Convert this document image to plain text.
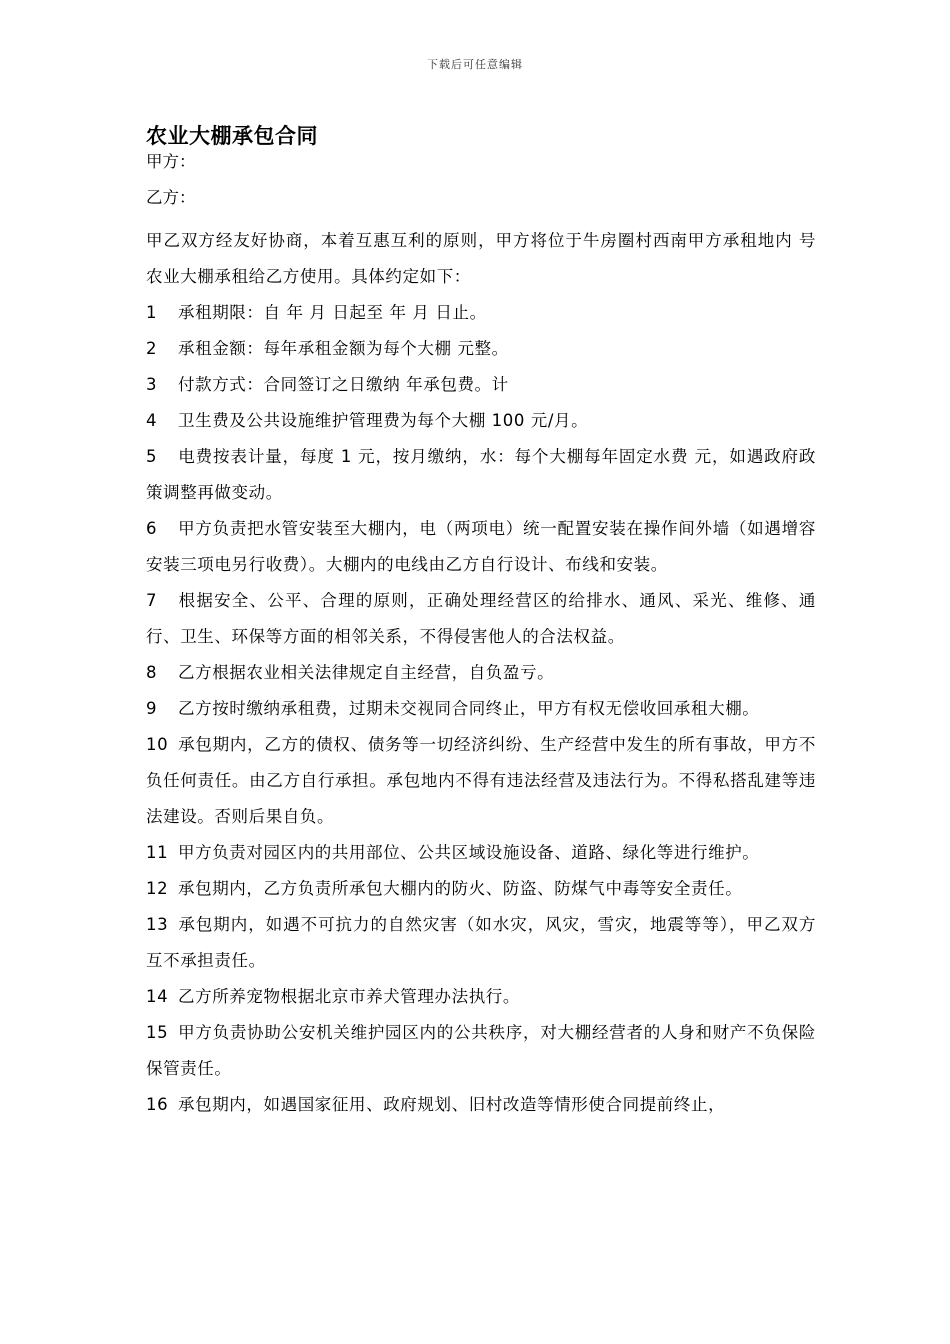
下载后可任意编辑
农业大棚承包合同

甲方：

乙方：

甲乙双方经友好协商，本着互惠互利的原则，甲方将位于牛房圈村西南甲方承租地内 号农业大棚承租给乙方使用。具体约定如下：

1 承租期限：自 年 月 日起至 年 月 日止。

2 承租金额：每年承租金额为每个大棚 元整。

3 付款方式：合同签订之日缴纳 年承包费。计

4 卫生费及公共设施维护管理费为每个大棚 100 元/月。

5 电费按表计量，每度 1 元，按月缴纳，水：每个大棚每年固定水费 元，如遇政府政策调整再做变动。

6 甲方负责把水管安装至大棚内，电（两项电）统一配置安装在操作间外墙（如遇增容安装三项电另行收费）。大棚内的电线由乙方自行设计、布线和安装。

7 根据安全、公平、合理的原则，正确处理经营区的给排水、通风、采光、维修、通行、卫生、环保等方面的相邻关系，不得侵害他人的合法权益。

8 乙方根据农业相关法律规定自主经营，自负盈亏。

9 乙方按时缴纳承租费，过期未交视同合同终止，甲方有权无偿收回承租大棚。

10 承包期内，乙方的债权、债务等一切经济纠纷、生产经营中发生的所有事故，甲方不负任何责任。由乙方自行承担。承包地内不得有违法经营及违法行为。不得私搭乱建等违法建设。否则后果自负。

11 甲方负责对园区内的共用部位、公共区域设施设备、道路、绿化等进行维护。

12 承包期内，乙方负责所承包大棚内的防火、防盗、防煤气中毒等安全责任。

13 承包期内，如遇不可抗力的自然灾害（如水灾，风灾，雪灾，地震等等），甲乙双方互不承担责任。

14 乙方所养宠物根据北京市养犬管理办法执行。

15 甲方负责协助公安机关维护园区内的公共秩序，对大棚经营者的人身和财产不负保险保管责任。

16 承包期内，如遇国家征用、政府规划、旧村改造等情形使合同提前终止，
